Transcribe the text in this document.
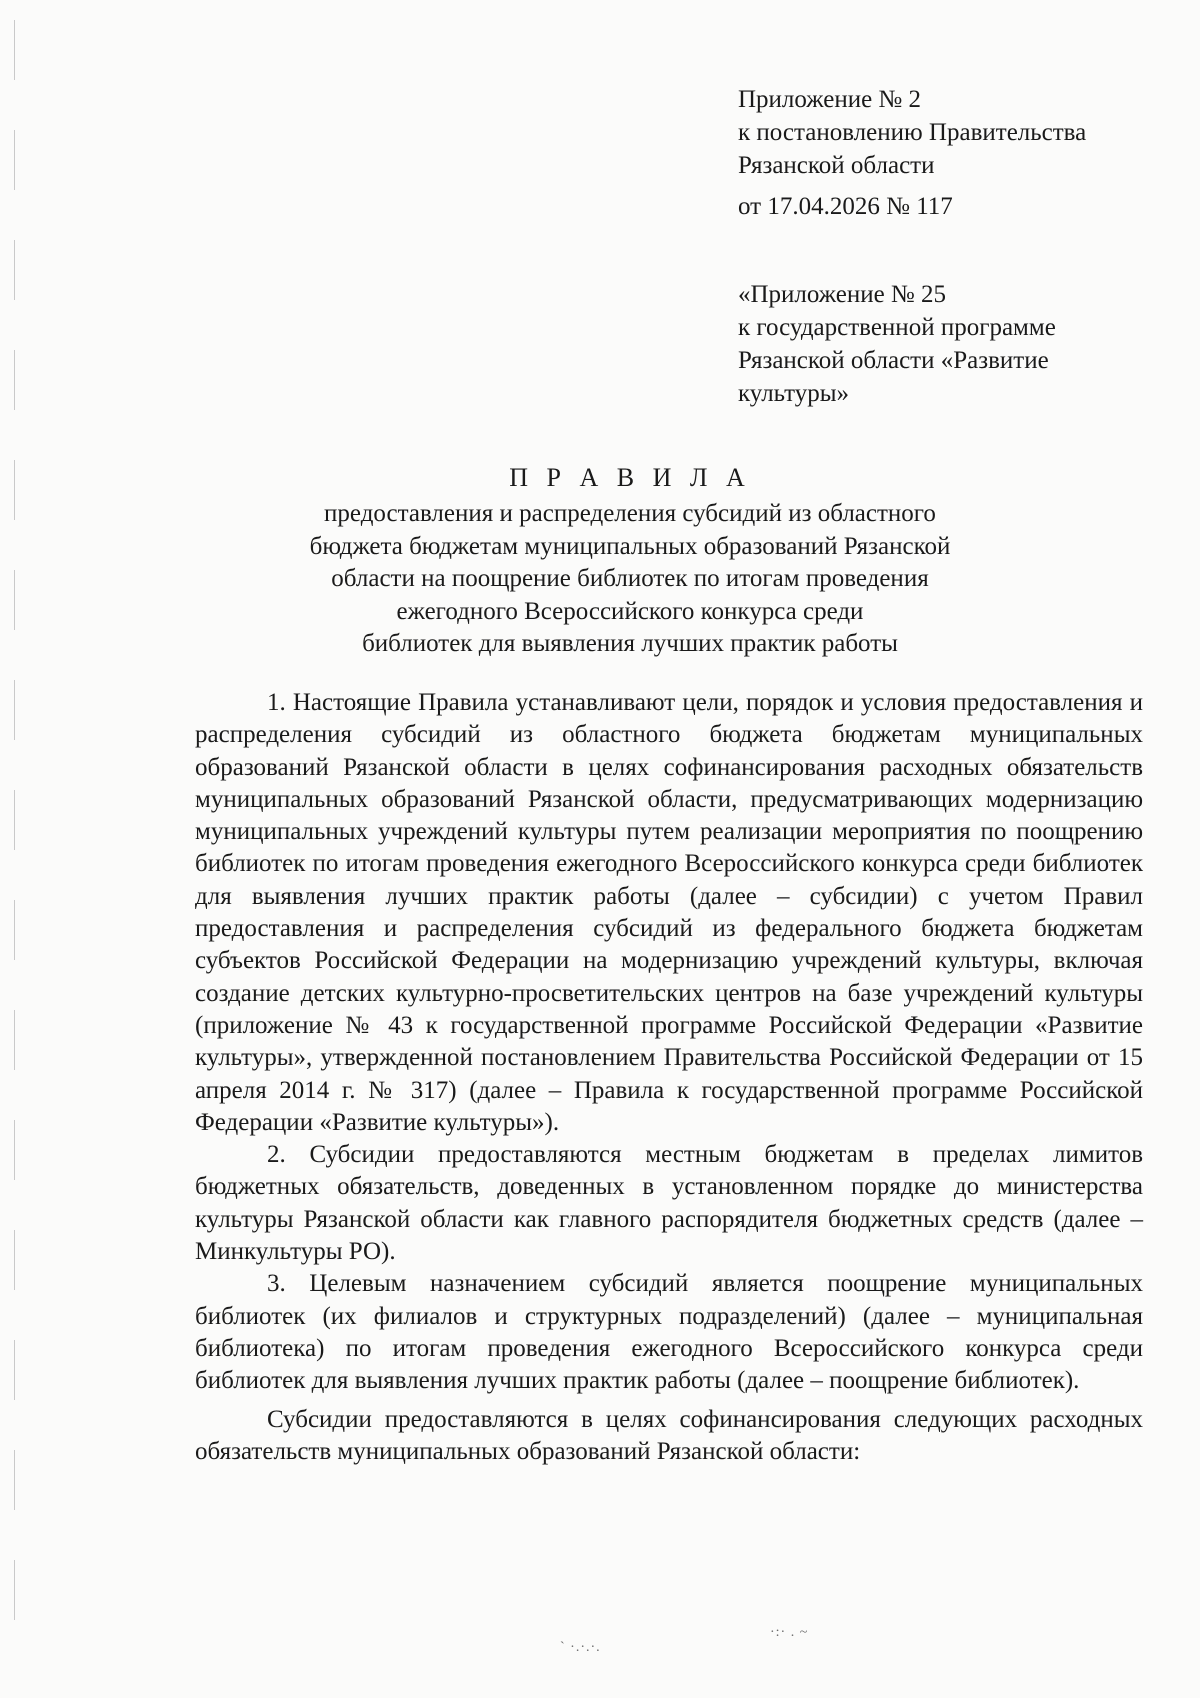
Приложение № 2
к постановлению Правительства
Рязанской области
от 17.04.2026 № 117
«Приложение № 25
к государственной программе
Рязанской области «Развитие
культуры»
П Р А В И Л А
предоставления и распределения субсидий из областного
бюджета бюджетам муниципальных образований Рязанской
области на поощрение библиотек по итогам проведения
ежегодного Всероссийского конкурса среди
библиотек для выявления лучших практик работы

1. Настоящие Правила устанавливают цели, порядок и условия предоставления и распределения субсидий из областного бюджета бюджетам муниципальных образований Рязанской области в целях софинансирования расходных обязательств муниципальных образований Рязанской области, предусматривающих модернизацию муниципальных учреждений культуры путем реализации мероприятия по поощрению библиотек по итогам проведения ежегодного Всероссийского конкурса среди библиотек для выявления лучших практик работы (далее – субсидии) с учетом Правил предоставления и распределения субсидий из федерального бюджета бюджетам субъектов Российской Федерации на модернизацию учреждений культуры, включая создание детских культурно-просветительских центров на базе учреждений культуры (приложение № 43 к государственной программе Российской Федерации «Развитие культуры», утвержденной постановлением Правительства Российской Федерации от 15 апреля 2014 г. № 317) (далее – Правила к государственной программе Российской Федерации «Развитие культуры»).

2. Субсидии предоставляются местным бюджетам в пределах лимитов бюджетных обязательств, доведенных в установленном порядке до министерства культуры Рязанской области как главного распорядителя бюджетных средств (далее – Минкультуры РО).

3. Целевым назначением субсидий является поощрение муниципальных библиотек (их филиалов и структурных подразделений) (далее – муниципальная библиотека) по итогам проведения ежегодного Всероссийского конкурса среди библиотек для выявления лучших практик работы (далее – поощрение библиотек).

Субсидии предоставляются в целях софинансирования следующих расходных обязательств муниципальных образований Рязанской области:

` ·.·.·.
·:· . ~
